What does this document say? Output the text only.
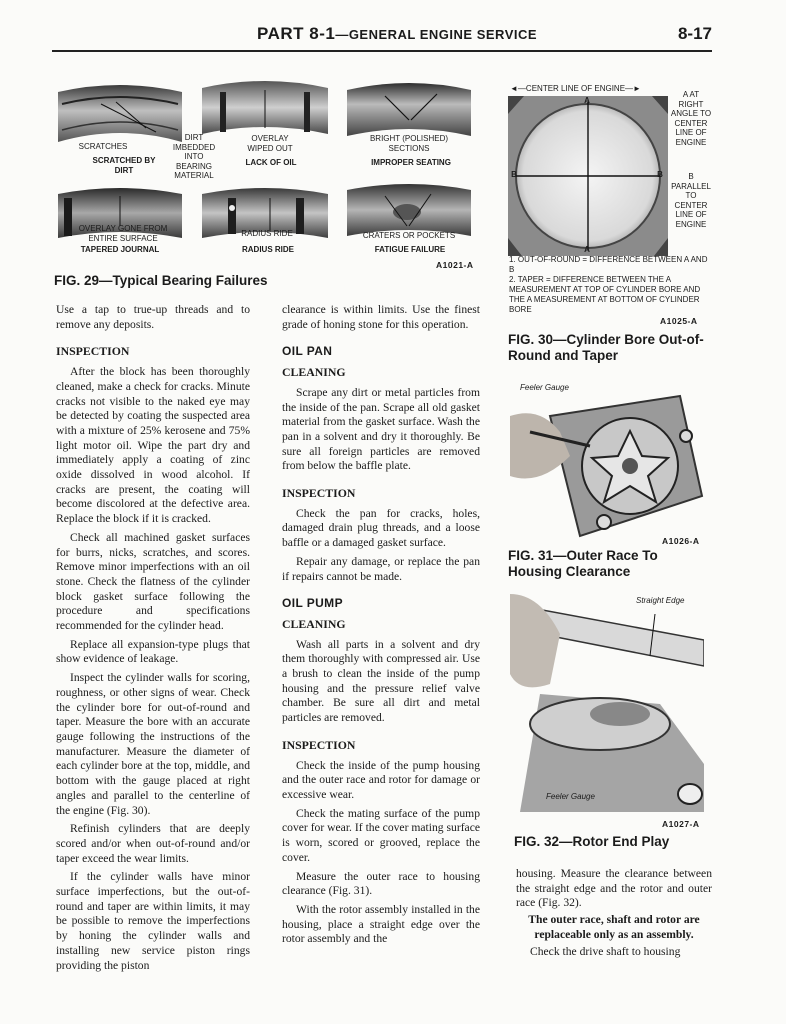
PART 8-1—GENERAL ENGINE SERVICE	8-17
SCRATCHES
DIRT IMBEDDED INTO BEARING MATERIAL
SCRATCHED BY DIRT
OVERLAY WIPED OUT
LACK OF OIL
BRIGHT (POLISHED) SECTIONS
IMPROPER SEATING
OVERLAY GONE FROM ENTIRE SURFACE
TAPERED JOURNAL
RADIUS RIDE
RADIUS RIDE
CRATERS OR POCKETS
FATIGUE FAILURE
A1021-A
FIG. 29—Typical Bearing Failures
◄—CENTER LINE OF ENGINE—►
A
A
B	B
A AT RIGHT ANGLE TO CENTER LINE OF ENGINE
B PARALLEL TO CENTER LINE OF ENGINE
1. OUT-OF-ROUND = DIFFERENCE BETWEEN A AND B
2. TAPER = DIFFERENCE BETWEEN THE A MEASUREMENT AT TOP OF CYLINDER BORE AND THE A MEASUREMENT AT BOTTOM OF CYLINDER BORE
A1025-A
FIG. 30—Cylinder Bore Out-of-Round and Taper
Feeler Gauge
A1026-A
FIG. 31—Outer Race To Housing Clearance
Straight Edge
Feeler Gauge
A1027-A
FIG. 32—Rotor End Play

Use a tap to true-up threads and to remove any deposits.

INSPECTION

After the block has been thoroughly cleaned, make a check for cracks. Minute cracks not visible to the naked eye may be detected by coating the suspected area with a mixture of 25% kerosene and 75% light motor oil. Wipe the part dry and immediately apply a coating of zinc oxide dissolved in wood alcohol. If cracks are present, the coating will become discolored at the defective area. Replace the block if it is cracked.

Check all machined gasket surfaces for burrs, nicks, scratches, and scores. Remove minor imperfections with an oil stone. Check the flatness of the cylinder block gasket surface following the procedure and specifications recommended for the cylinder head.

Replace all expansion-type plugs that show evidence of leakage.

Inspect the cylinder walls for scoring, roughness, or other signs of wear. Check the cylinder bore for out-of-round and taper. Measure the bore with an accurate gauge following the instructions of the manufacturer. Measure the diameter of each cylinder bore at the top, middle, and bottom with the gauge placed at right angles and parallel to the centerline of the engine (Fig. 30).

Refinish cylinders that are deeply scored and/or when out-of-round and/or taper exceed the wear limits.

If the cylinder walls have minor surface imperfections, but the out-of-round and taper are within limits, it may be possible to remove the imperfections by honing the cylinder walls and installing new service piston rings providing the piston

clearance is within limits. Use the finest grade of honing stone for this operation.

OIL PAN
CLEANING

Scrape any dirt or metal particles from the inside of the pan. Scrape all old gasket material from the gasket surface. Wash the pan in a solvent and dry it thoroughly. Be sure all foreign particles are removed from below the baffle plate.

INSPECTION

Check the pan for cracks, holes, damaged drain plug threads, and a loose baffle or a damaged gasket surface.

Repair any damage, or replace the pan if repairs cannot be made.

OIL PUMP
CLEANING

Wash all parts in a solvent and dry them thoroughly with compressed air. Use a brush to clean the inside of the pump housing and the pressure relief valve chamber. Be sure all dirt and metal particles are removed.

INSPECTION

Check the inside of the pump housing and the outer race and rotor for damage or excessive wear.

Check the mating surface of the pump cover for wear. If the cover mating surface is worn, scored or grooved, replace the cover.

Measure the outer race to housing clearance (Fig. 31).

With the rotor assembly installed in the housing, place a straight edge over the rotor assembly and the

housing. Measure the clearance between the straight edge and the rotor and outer race (Fig. 32).

The outer race, shaft and rotor are replaceable only as an assembly.

Check the drive shaft to housing
